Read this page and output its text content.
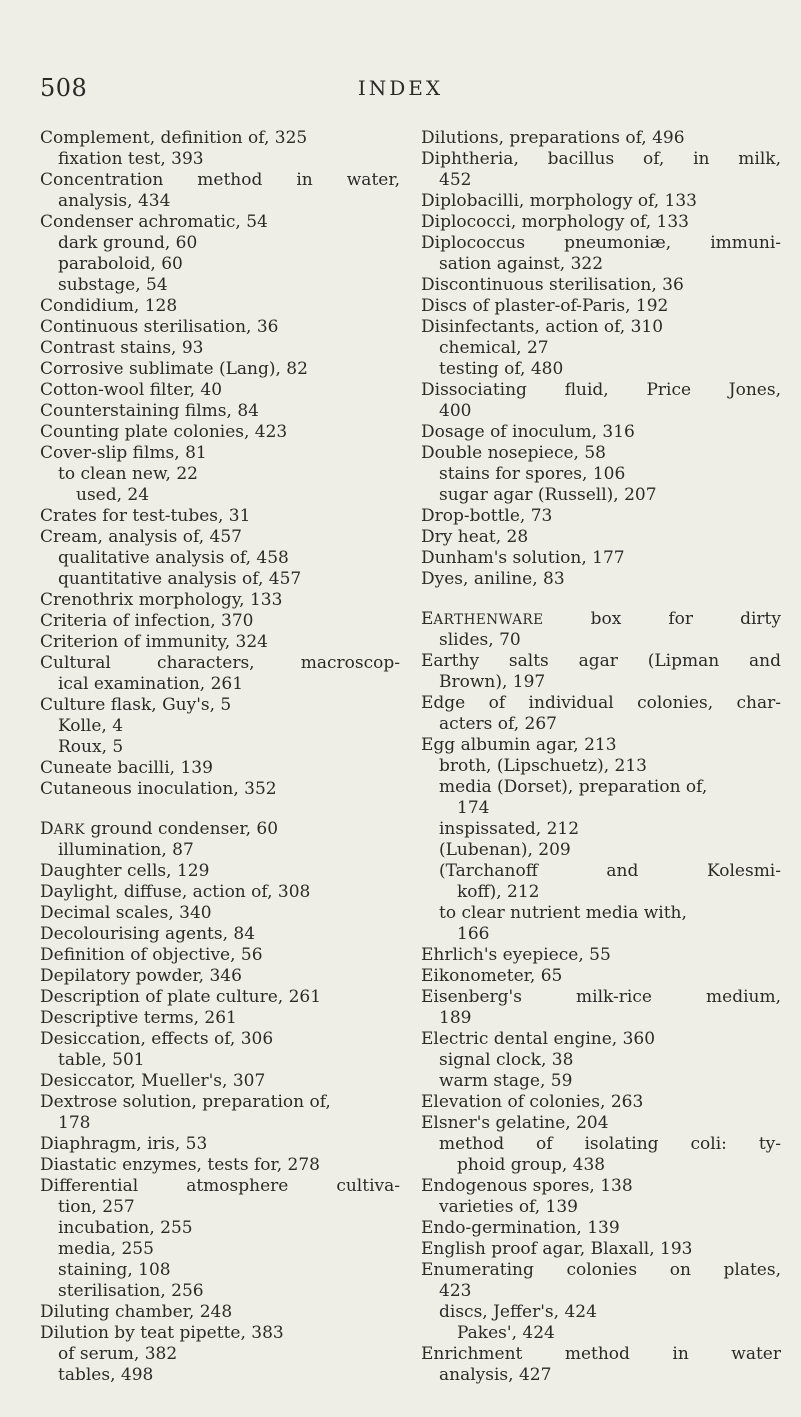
508	INDEX
Complement, definition of, 325
fixation test, 393
Concentration method in water,
analysis, 434
Condenser achromatic, 54
dark ground, 60
paraboloid, 60
substage, 54
Condidium, 128
Continuous sterilisation, 36
Contrast stains, 93
Corrosive sublimate (Lang), 82
Cotton-wool filter, 40
Counterstaining films, 84
Counting plate colonies, 423
Cover-slip films, 81
to clean new, 22
used, 24
Crates for test-tubes, 31
Cream, analysis of, 457
qualitative analysis of, 458
quantitative analysis of, 457
Crenothrix morphology, 133
Criteria of infection, 370
Criterion of immunity, 324
Cultural characters, macroscop-
ical examination, 261
Culture flask, Guy's, 5
Kolle, 4
Roux, 5
Cuneate bacilli, 139
Cutaneous inoculation, 352
DARK ground condenser, 60
illumination, 87
Daughter cells, 129
Daylight, diffuse, action of, 308
Decimal scales, 340
Decolourising agents, 84
Definition of objective, 56
Depilatory powder, 346
Description of plate culture, 261
Descriptive terms, 261
Desiccation, effects of, 306
table, 501
Desiccator, Mueller's, 307
Dextrose solution, preparation of,
178
Diaphragm, iris, 53
Diastatic enzymes, tests for, 278
Differential atmosphere cultiva-
tion, 257
incubation, 255
media, 255
staining, 108
sterilisation, 256
Diluting chamber, 248
Dilution by teat pipette, 383
of serum, 382
tables, 498
Dilutions, preparations of, 496
Diphtheria, bacillus of, in milk,
452
Diplobacilli, morphology of, 133
Diplococci, morphology of, 133
Diplococcus pneumoniæ, immuni-
sation against, 322
Discontinuous sterilisation, 36
Discs of plaster-of-Paris, 192
Disinfectants, action of, 310
chemical, 27
testing of, 480
Dissociating fluid, Price Jones,
400
Dosage of inoculum, 316
Double nosepiece, 58
stains for spores, 106
sugar agar (Russell), 207
Drop-bottle, 73
Dry heat, 28
Dunham's solution, 177
Dyes, aniline, 83
EARTHENWARE box for dirty
slides, 70
Earthy salts agar (Lipman and
Brown), 197
Edge of individual colonies, char-
acters of, 267
Egg albumin agar, 213
broth, (Lipschuetz), 213
media (Dorset), preparation of,
174
inspissated, 212
(Lubenan), 209
(Tarchanoff and Kolesmi-
koff), 212
to clear nutrient media with,
166
Ehrlich's eyepiece, 55
Eikonometer, 65
Eisenberg's milk-rice medium,
189
Electric dental engine, 360
signal clock, 38
warm stage, 59
Elevation of colonies, 263
Elsner's gelatine, 204
method of isolating coli: ty-
phoid group, 438
Endogenous spores, 138
varieties of, 139
Endo-germination, 139
English proof agar, Blaxall, 193
Enumerating colonies on plates,
423
discs, Jeffer's, 424
Pakes', 424
Enrichment method in water
analysis, 427
